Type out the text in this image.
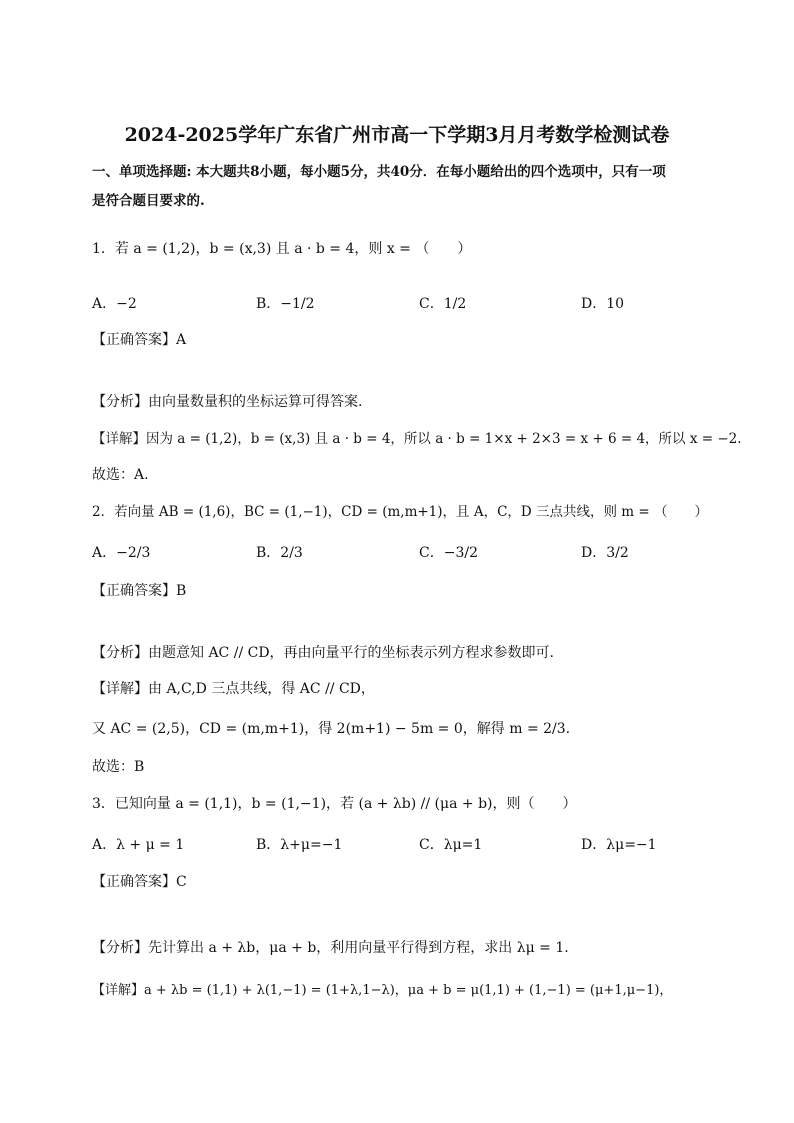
2024-2025学年广东省广州市高一下学期3月月考数学检测试卷
一、单项选择题: 本大题共8小题，每小题5分，共40分．在每小题给出的四个选项中，只有一项
是符合题目要求的.
1．若 a = (1,2)，b = (x,3) 且 a · b = 4，则 x = （　　）
A．−2	B．−1/2	C．1/2	D．10
【正确答案】A
【分析】由向量数量积的坐标运算可得答案.
【详解】因为 a = (1,2)，b = (x,3) 且 a · b = 4，所以 a · b = 1×x + 2×3 = x + 6 = 4，所以 x = −2.
故选：A.
2．若向量 AB = (1,6)，BC = (1,−1)，CD = (m,m+1)，且 A，C，D 三点共线，则 m = （　　）
A．−2/3	B．2/3	C．−3/2	D．3/2
【正确答案】B
【分析】由题意知 AC // CD，再由向量平行的坐标表示列方程求参数即可.
【详解】由 A,C,D 三点共线，得 AC // CD，
又 AC = (2,5)，CD = (m,m+1)，得 2(m+1) − 5m = 0，解得 m = 2/3.
故选：B
3．已知向量 a = (1,1)，b = (1,−1)，若 (a + λb) // (μa + b)，则（　　）
A．λ + μ = 1	B．λ+μ=−1	C．λμ=1	D．λμ=−1
【正确答案】C
【分析】先计算出 a + λb，μa + b，利用向量平行得到方程，求出 λμ = 1.
【详解】a + λb = (1,1) + λ(1,−1) = (1+λ,1−λ)，μa + b = μ(1,1) + (1,−1) = (μ+1,μ−1)，
